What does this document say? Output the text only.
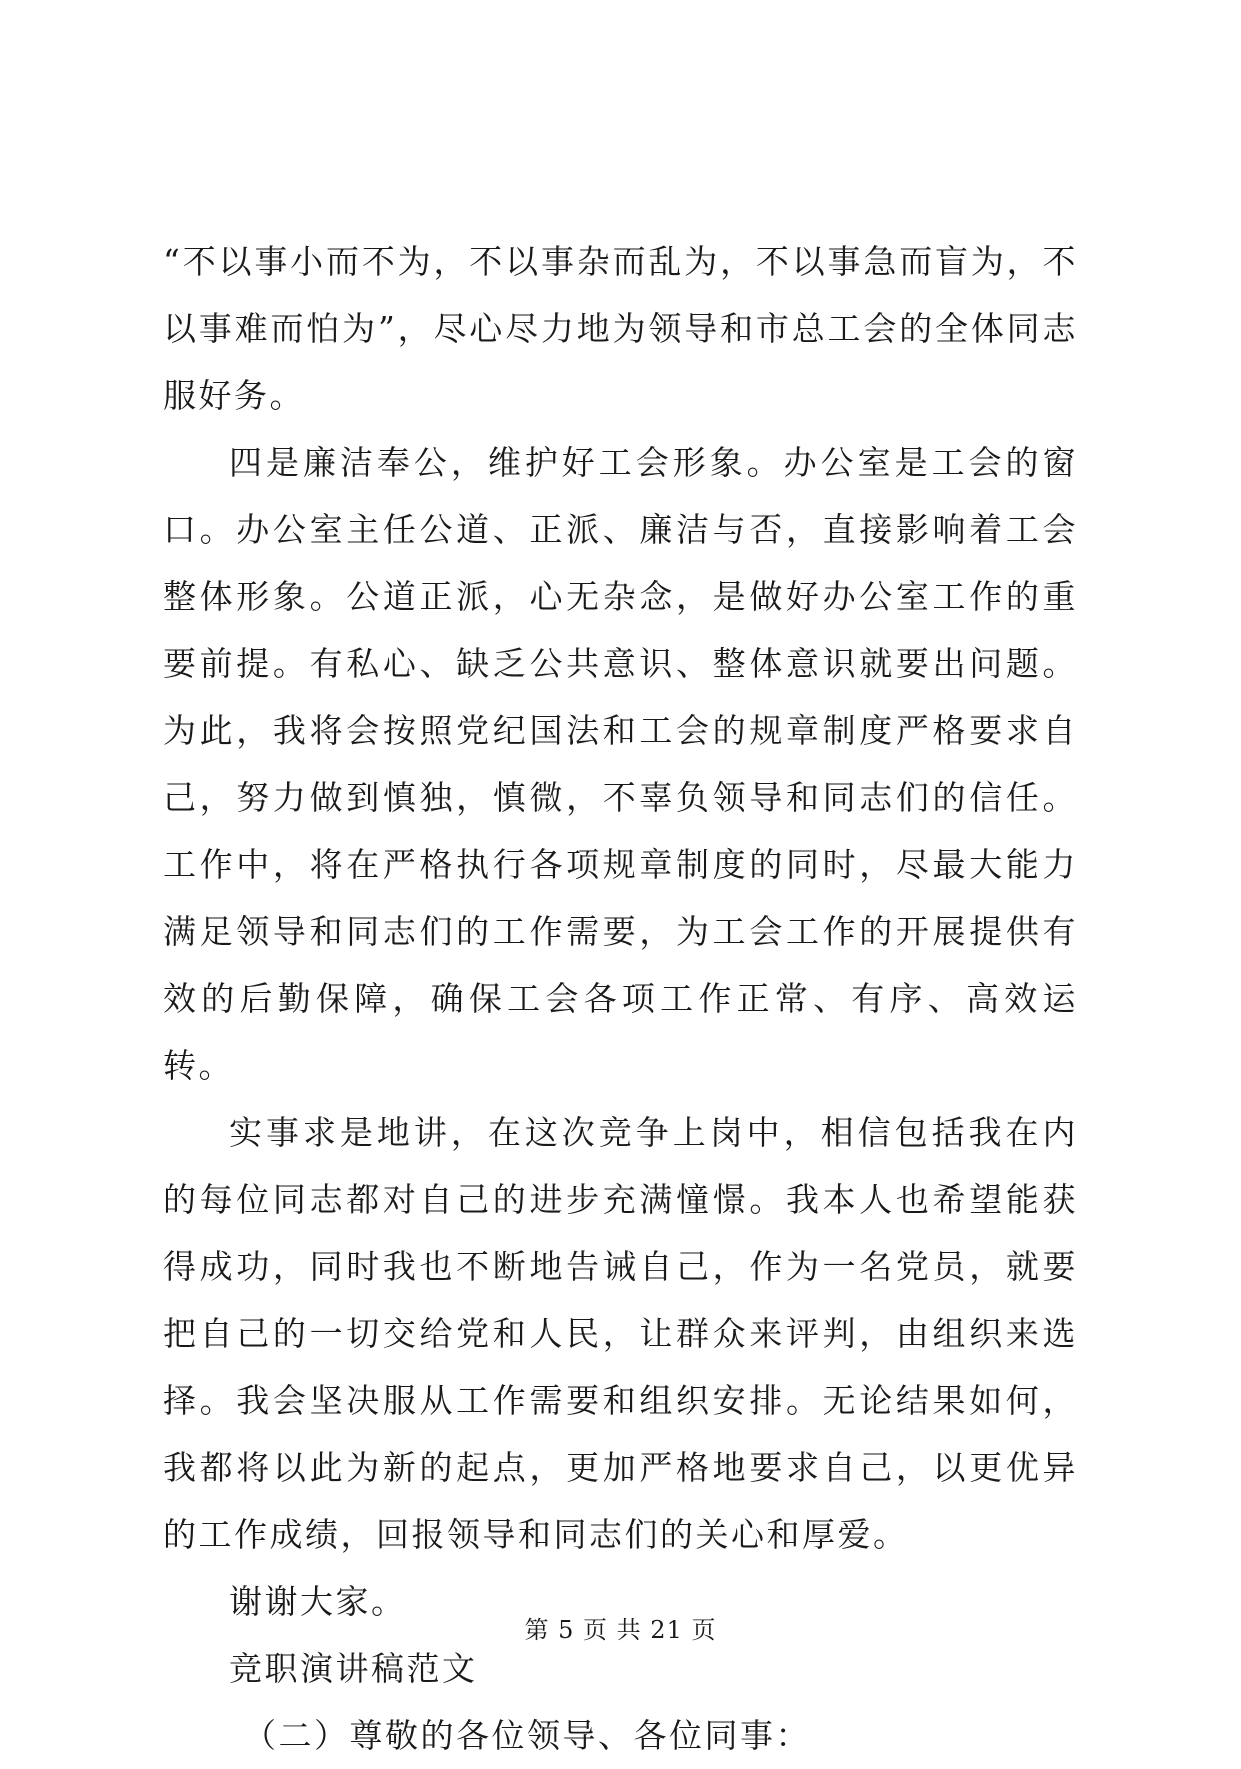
“不以事小而不为，不以事杂而乱为，不以事急而盲为，不以事难而怕为”，尽心尽力地为领导和市总工会的全体同志服好务。

四是廉洁奉公，维护好工会形象。办公室是工会的窗口。办公室主任公道、正派、廉洁与否，直接影响着工会整体形象。公道正派，心无杂念，是做好办公室工作的重要前提。有私心、缺乏公共意识、整体意识就要出问题。为此，我将会按照党纪国法和工会的规章制度严格要求自己，努力做到慎独，慎微，不辜负领导和同志们的信任。工作中，将在严格执行各项规章制度的同时，尽最大能力满足领导和同志们的工作需要，为工会工作的开展提供有效的后勤保障，确保工会各项工作正常、有序、高效运转。

实事求是地讲，在这次竞争上岗中，相信包括我在内的每位同志都对自己的进步充满憧憬。我本人也希望能获得成功，同时我也不断地告诫自己，作为一名党员，就要把自己的一切交给党和人民，让群众来评判，由组织来选择。我会坚决服从工作需要和组织安排。无论结果如何，我都将以此为新的起点，更加严格地要求自己，以更优异的工作成绩，回报领导和同志们的关心和厚爱。

谢谢大家。

竞职演讲稿范文

（二）尊敬的各位领导、各位同事：

第 5 页 共 21 页
